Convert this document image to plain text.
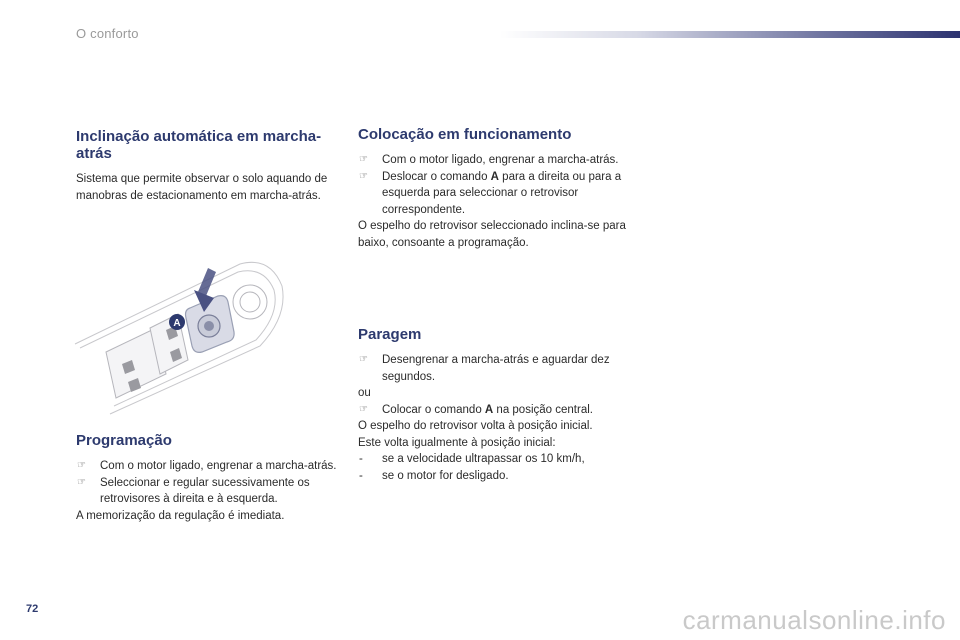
O conforto
Inclinação automática em marcha-atrás

Sistema que permite observar o solo aquando de manobras de estacionamento em marcha-atrás.

A
Programação
☞ Com o motor ligado, engrenar a marcha-atrás.
☞ Seleccionar e regular sucessivamente os retrovisores à direita e à esquerda.

A memorização da regulação é imediata.

Colocação em funcionamento
☞ Com o motor ligado, engrenar a marcha-atrás.
☞ Deslocar o comando A para a direita ou para a esquerda para seleccionar o retrovisor correspondente.

O espelho do retrovisor seleccionado inclina-se para baixo, consoante a programação.

Paragem
☞ Desengrenar a marcha-atrás e aguardar dez segundos.

ou

☞ Colocar o comando A na posição central.

O espelho do retrovisor volta à posição inicial.

Este volta igualmente à posição inicial:

- se a velocidade ultrapassar os 10 km/h,
- se o motor for desligado.
72	carmanualsonline.info
